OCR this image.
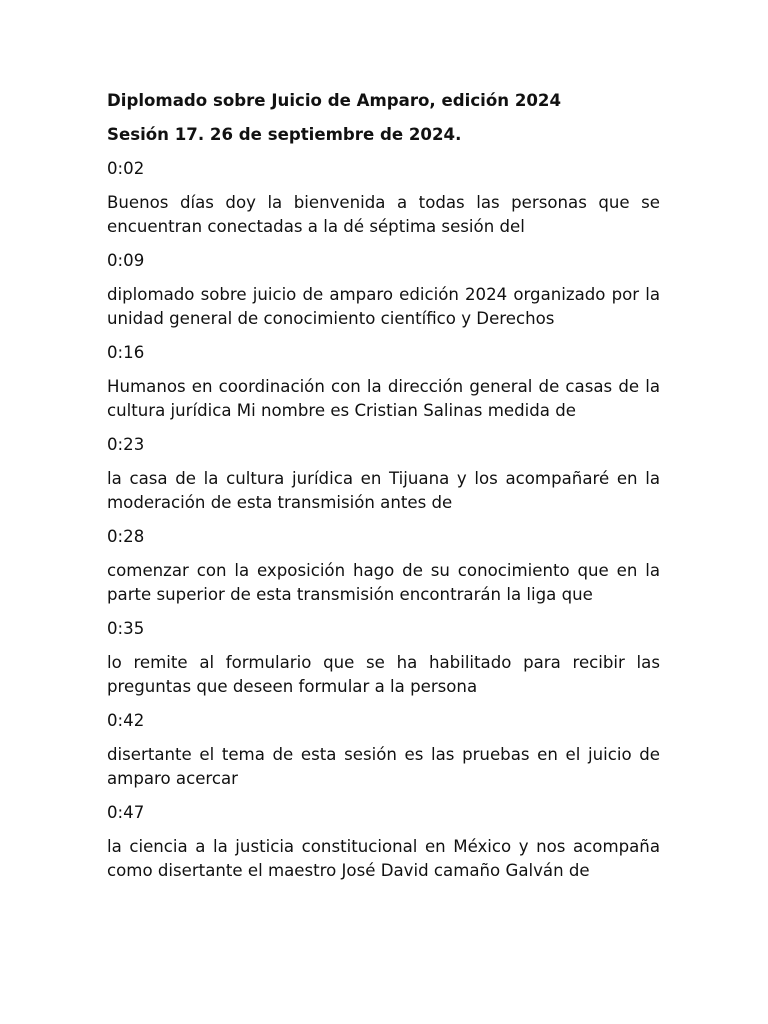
Diplomado sobre Juicio de Amparo, edición 2024

Sesión 17. 26 de septiembre de 2024.

0:02

Buenos días doy la bienvenida a todas las personas que se encuentran conectadas a la dé séptima sesión del

0:09

diplomado sobre juicio de amparo edición 2024 organizado por la unidad general de conocimiento científico y Derechos

0:16

Humanos en coordinación con la dirección general de casas de la cultura jurídica Mi nombre es Cristian Salinas medida de

0:23

la casa de la cultura jurídica en Tijuana y los acompañaré en la moderación de esta transmisión antes de

0:28

comenzar con la exposición hago de su conocimiento que en la parte superior de esta transmisión encontrarán la liga que

0:35

lo remite al formulario que se ha habilitado para recibir las preguntas que deseen formular a la persona

0:42

disertante el tema de esta sesión es las pruebas en el juicio de amparo acercar

0:47

la ciencia a la justicia constitucional en México y nos acompaña como disertante el maestro José David camaño Galván de
